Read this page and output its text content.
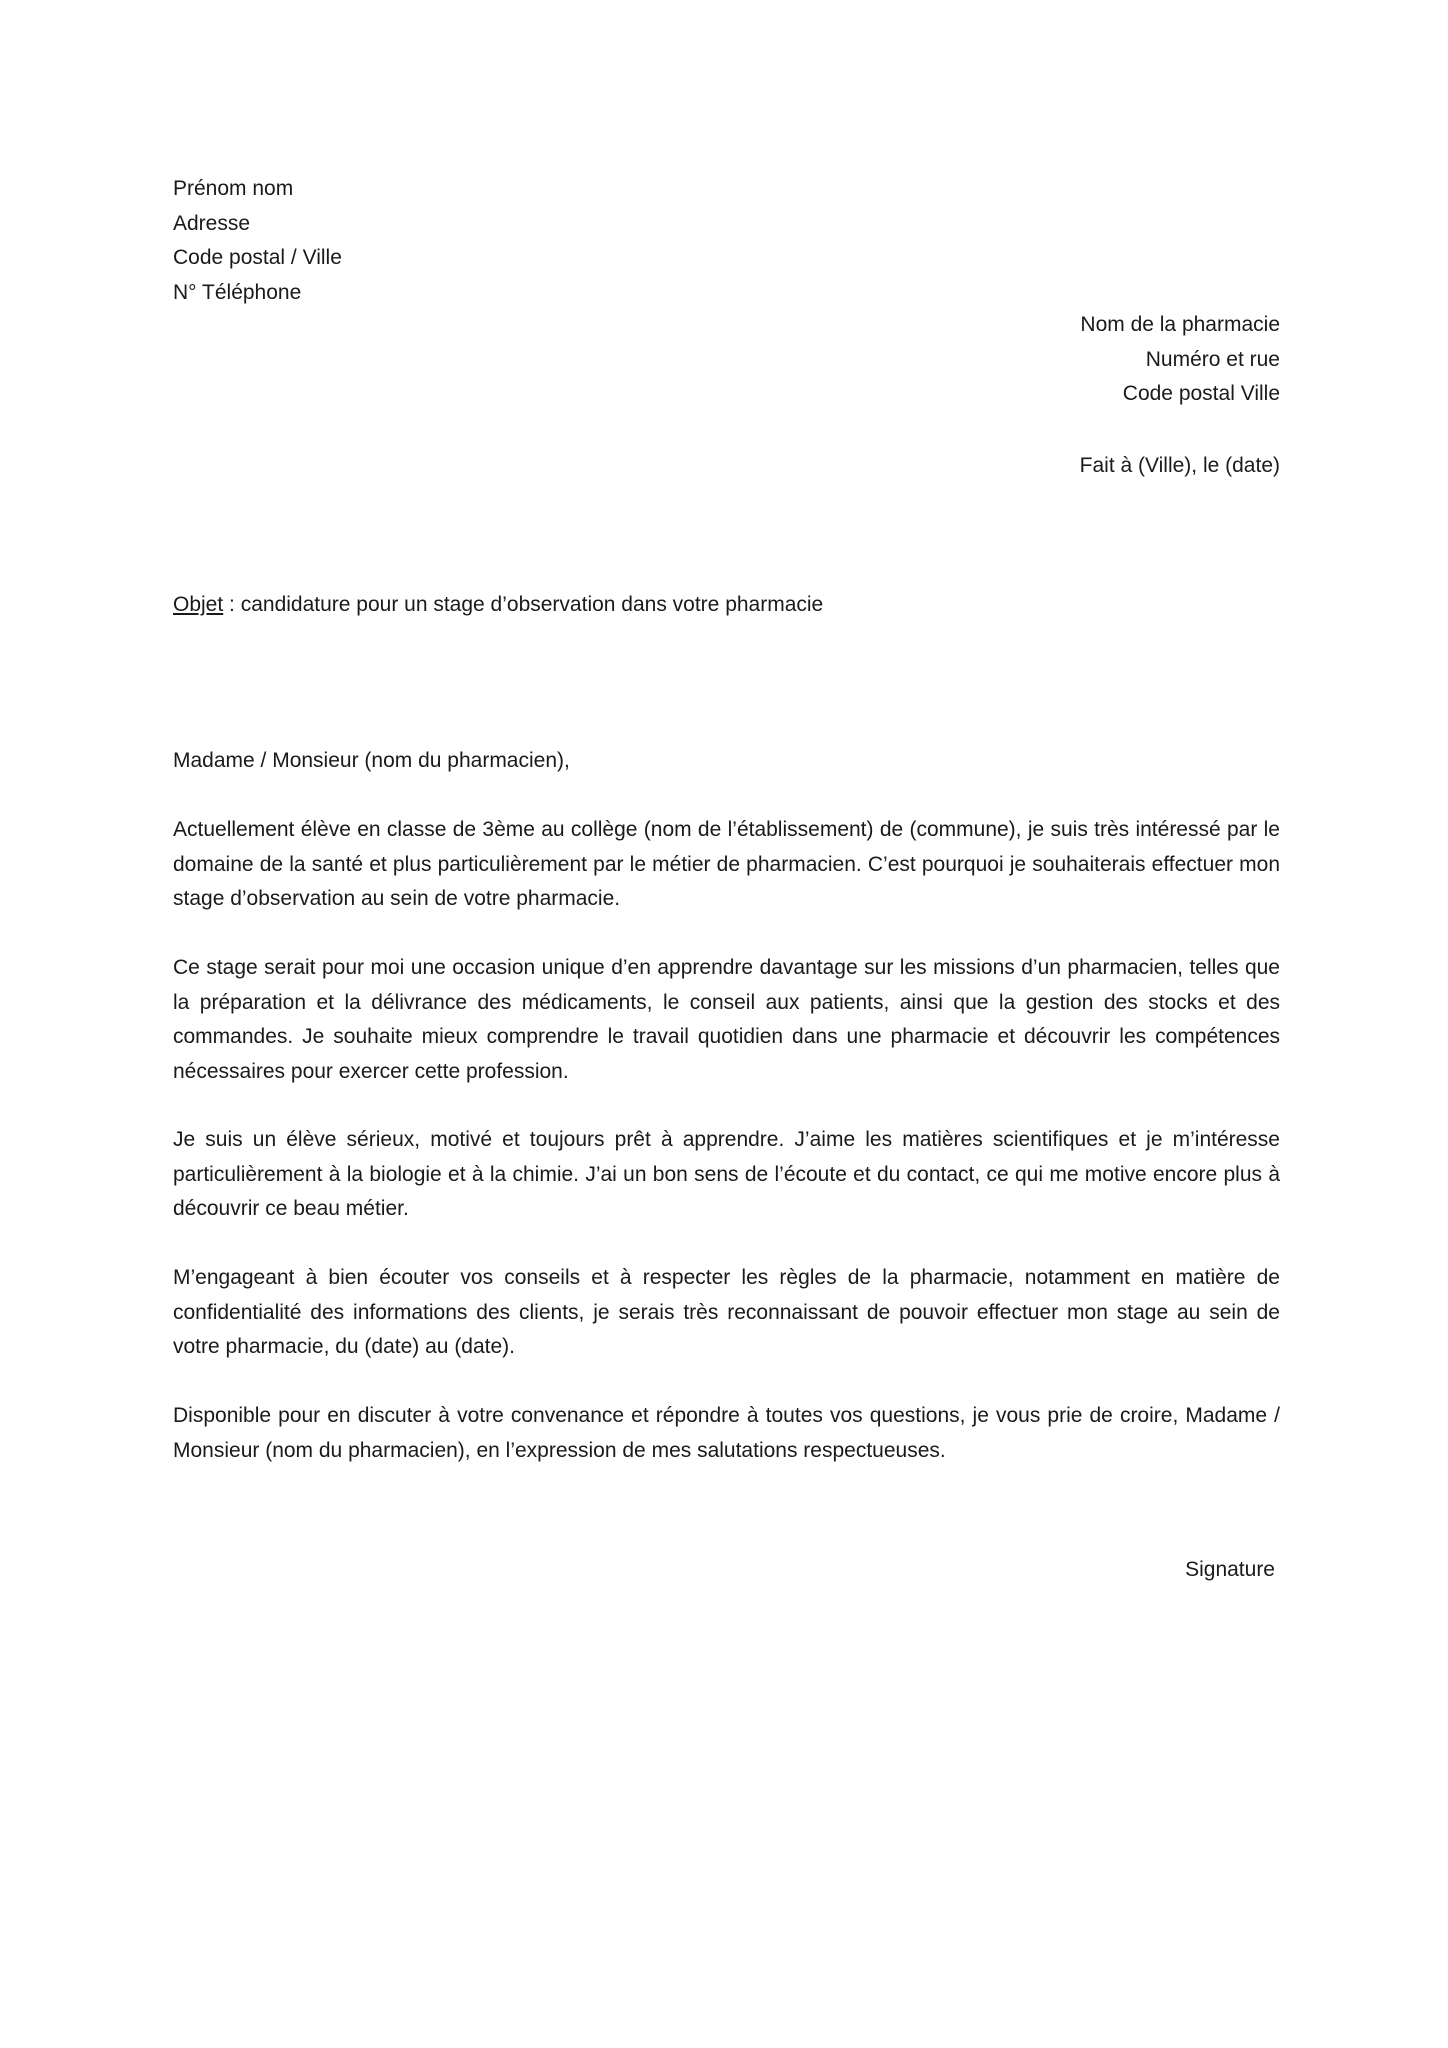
Prénom nom
Adresse
Code postal / Ville
N° Téléphone
Nom de la pharmacie
Numéro et rue
Code postal Ville
Fait à (Ville), le (date)
Objet : candidature pour un stage d’observation dans votre pharmacie
Madame / Monsieur (nom du pharmacien),
Actuellement élève en classe de 3ème au collège (nom de l’établissement) de (commune), je suis très intéressé par le domaine de la santé et plus particulièrement par le métier de pharmacien. C’est pourquoi je souhaiterais effectuer mon stage d’observation au sein de votre pharmacie.
Ce stage serait pour moi une occasion unique d’en apprendre davantage sur les missions d’un pharmacien, telles que la préparation et la délivrance des médicaments, le conseil aux patients, ainsi que la gestion des stocks et des commandes. Je souhaite mieux comprendre le travail quotidien dans une pharmacie et découvrir les compétences nécessaires pour exercer cette profession.
Je suis un élève sérieux, motivé et toujours prêt à apprendre. J’aime les matières scientifiques et je m’intéresse particulièrement à la biologie et à la chimie. J’ai un bon sens de l’écoute et du contact, ce qui me motive encore plus à découvrir ce beau métier.
M’engageant à bien écouter vos conseils et à respecter les règles de la pharmacie, notamment en matière de confidentialité des informations des clients, je serais très reconnaissant de pouvoir effectuer mon stage au sein de votre pharmacie, du (date) au (date).
Disponible pour en discuter à votre convenance et répondre à toutes vos questions, je vous prie de croire, Madame / Monsieur (nom du pharmacien), en l’expression de mes salutations respectueuses.
Signature
